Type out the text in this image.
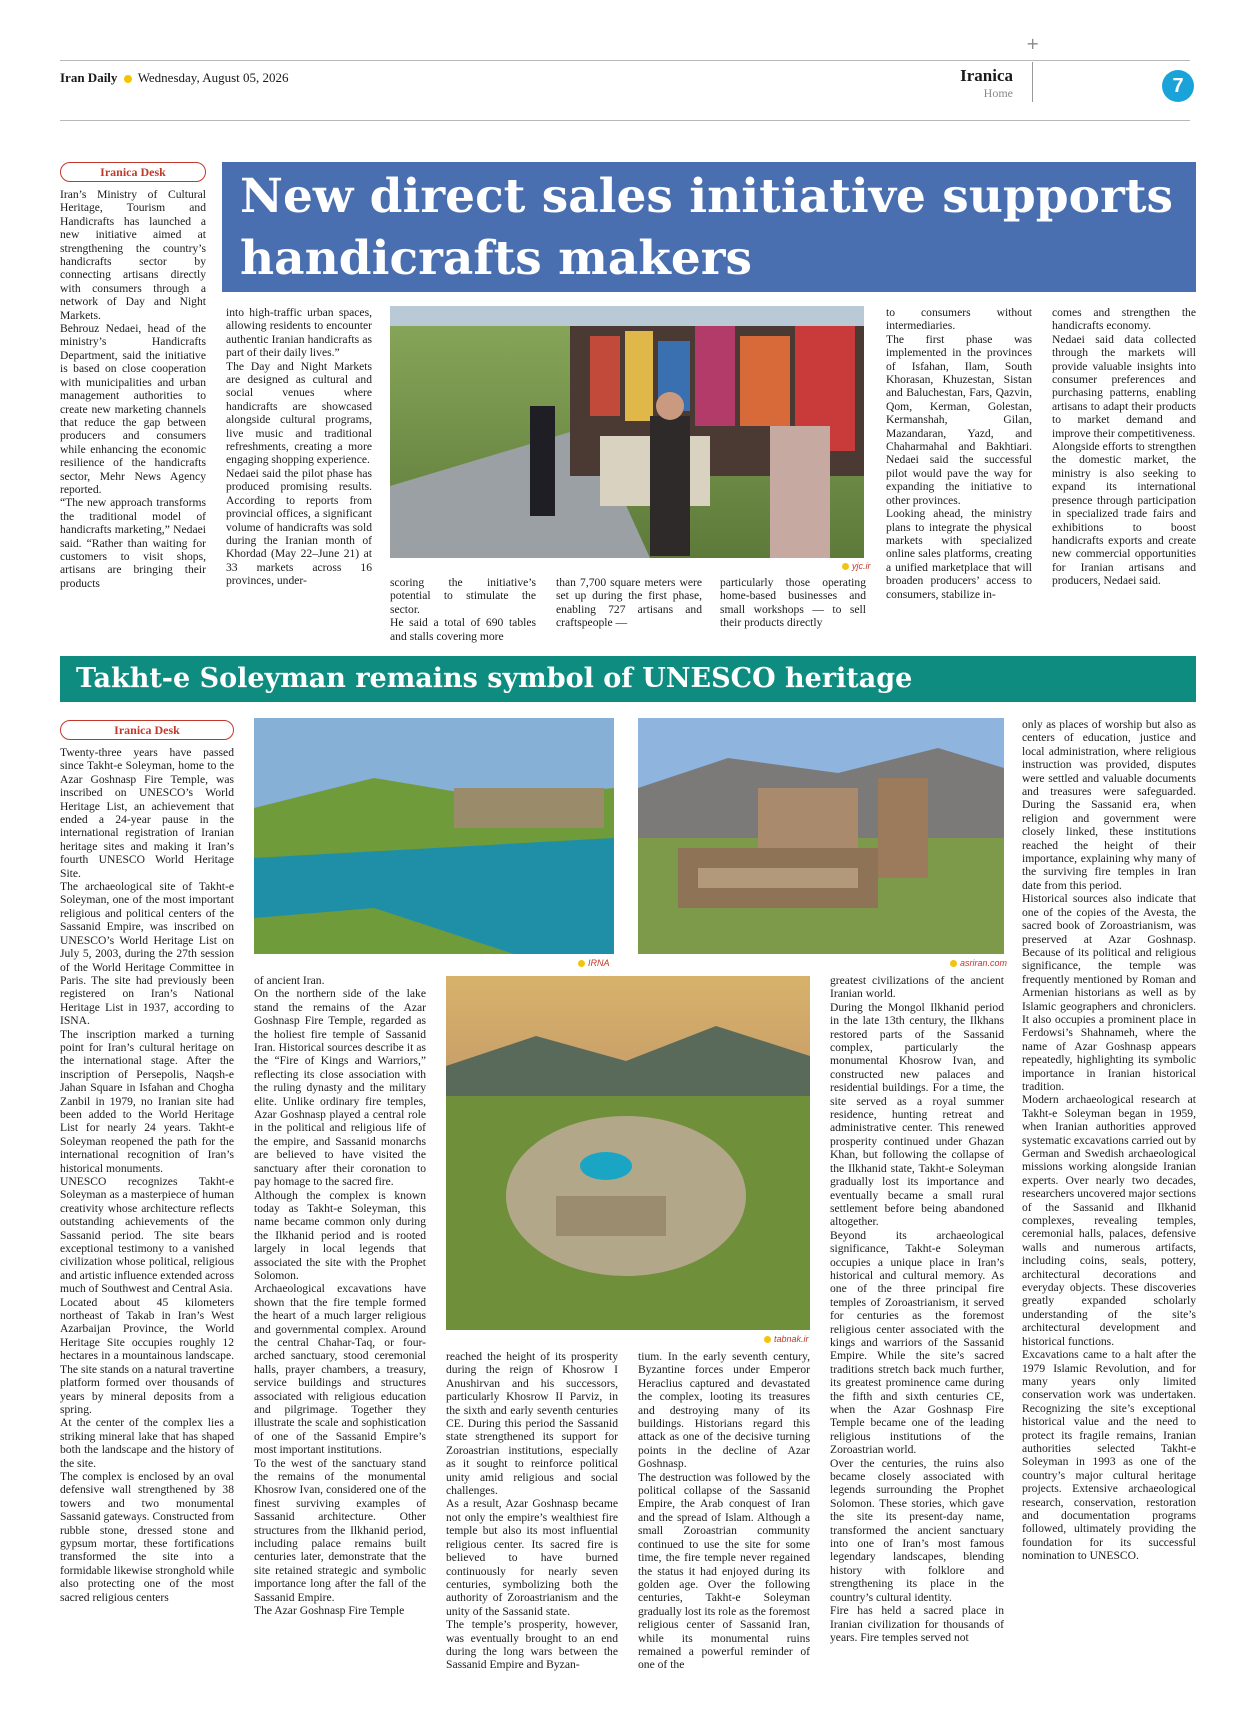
+
Iran Daily Wednesday, August 05, 2026	Iranica
Home	7
Iranica Desk	New direct sales initiative supports handicrafts makers

Iran’s Ministry of Cultural Heritage, Tourism and Handicrafts has launched a new initiative aimed at strengthening the country’s handicrafts sector by connecting artisans directly with consumers through a network of Day and Night Markets.
Behrouz Nedaei, head of the ministry’s Handicrafts Department, said the initiative is based on close cooperation with municipalities and urban management authorities to create new marketing channels that reduce the gap between producers and consumers while enhancing the economic resilience of the handicrafts sector, Mehr News Agency reported.
“The new approach transforms the traditional model of handicrafts marketing,” Nedaei said. “Rather than waiting for customers to visit shops, artisans are bringing their products

into high-traffic urban spaces, allowing residents to encounter authentic Iranian handicrafts as part of their daily lives.”
The Day and Night Markets are designed as cultural and social venues where handicrafts are showcased alongside cultural programs, live music and traditional refreshments, creating a more engaging shopping experience.
Nedaei said the pilot phase has produced promising results. According to reports from provincial offices, a significant volume of handicrafts was sold during the Iranian month of Khordad (May 22–June 21) at 33 markets across 16 provinces, under-

yjc.ir

scoring the initiative’s potential to stimulate the sector.
He said a total of 690 tables and stalls covering more

than 7,700 square meters were set up during the first phase, enabling 727 artisans and craftspeople —

particularly those operating home-based businesses and small workshops — to sell their products directly

to consumers without intermediaries.
The first phase was implemented in the provinces of Isfahan, Ilam, South Khorasan, Khuzestan, Sistan and Baluchestan, Fars, Qazvin, Qom, Kerman, Golestan, Kermanshah, Gilan, Mazandaran, Yazd, and Chaharmahal and Bakhtiari. Nedaei said the successful pilot would pave the way for expanding the initiative to other provinces.
Looking ahead, the ministry plans to integrate the physical markets with specialized online sales platforms, creating a unified marketplace that will broaden producers’ access to consumers, stabilize in-

comes and strengthen the handicrafts economy.
Nedaei said data collected through the markets will provide valuable insights into consumer preferences and purchasing patterns, enabling artisans to adapt their products to market demand and improve their competitiveness.
Alongside efforts to strengthen the domestic market, the ministry is also seeking to expand its international presence through participation in specialized trade fairs and exhibitions to boost handicrafts exports and create new commercial opportunities for Iranian artisans and producers, Nedaei said.

Takht-e Soleyman remains symbol of UNESCO heritage
Iranica Desk

Twenty-three years have passed since Takht-e Soleyman, home to the Azar Goshnasp Fire Temple, was inscribed on UNESCO’s World Heritage List, an achievement that ended a 24-year pause in the international registration of Iranian heritage sites and making it Iran’s fourth UNESCO World Heritage Site.
The archaeological site of Takht-e Soleyman, one of the most important religious and political centers of the Sassanid Empire, was inscribed on UNESCO’s World Heritage List on July 5, 2003, during the 27th session of the World Heritage Committee in Paris. The site had previously been registered on Iran’s National Heritage List in 1937, according to ISNA.
The inscription marked a turning point for Iran’s cultural heritage on the international stage. After the inscription of Persepolis, Naqsh-e Jahan Square in Isfahan and Chogha Zanbil in 1979, no Iranian site had been added to the World Heritage List for nearly 24 years. Takht-e Soleyman reopened the path for the international recognition of Iran’s historical monuments.
UNESCO recognizes Takht-e Soleyman as a masterpiece of human creativity whose architecture reflects outstanding achievements of the Sassanid period. The site bears exceptional testimony to a vanished civilization whose political, religious and artistic influence extended across much of Southwest and Central Asia.
Located about 45 kilometers northeast of Takab in Iran’s West Azarbaijan Province, the World Heritage Site occupies roughly 12 hectares in a mountainous landscape. The site stands on a natural travertine platform formed over thousands of years by mineral deposits from a spring.
At the center of the complex lies a striking mineral lake that has shaped both the landscape and the history of the site.
The complex is enclosed by an oval defensive wall strengthened by 38 towers and two monumental Sassanid gateways. Constructed from rubble stone, dressed stone and gypsum mortar, these fortifications transformed the site into a formidable likewise stronghold while also protecting one of the most sacred religious centers

IRNA	asriran.com

of ancient Iran.
On the northern side of the lake stand the remains of the Azar Goshnasp Fire Temple, regarded as the holiest fire temple of Sassanid Iran. Historical sources describe it as the “Fire of Kings and Warriors,” reflecting its close association with the ruling dynasty and the military elite. Unlike ordinary fire temples, Azar Goshnasp played a central role in the political and religious life of the empire, and Sassanid monarchs are believed to have visited the sanctuary after their coronation to pay homage to the sacred fire.
Although the complex is known today as Takht-e Soleyman, this name became common only during the Ilkhanid period and is rooted largely in local legends that associated the site with the Prophet Solomon.
Archaeological excavations have shown that the fire temple formed the heart of a much larger religious and governmental complex. Around the central Chahar-Taq, or four-arched sanctuary, stood ceremonial halls, prayer chambers, a treasury, service buildings and structures associated with religious education and pilgrimage. Together they illustrate the scale and sophistication of one of the Sassanid Empire’s most important institutions.
To the west of the sanctuary stand the remains of the monumental Khosrow Ivan, considered one of the finest surviving examples of Sassanid architecture. Other structures from the Ilkhanid period, including palace remains built centuries later, demonstrate that the site retained strategic and symbolic importance long after the fall of the Sassanid Empire.
The Azar Goshnasp Fire Temple

tabnak.ir

reached the height of its prosperity during the reign of Khosrow I Anushirvan and his successors, particularly Khosrow II Parviz, in the sixth and early seventh centuries CE. During this period the Sassanid state strengthened its support for Zoroastrian institutions, especially as it sought to reinforce political unity amid religious and social challenges.
As a result, Azar Goshnasp became not only the empire’s wealthiest fire temple but also its most influential religious center. Its sacred fire is believed to have burned continuously for nearly seven centuries, symbolizing both the authority of Zoroastrianism and the unity of the Sassanid state.
The temple’s prosperity, however, was eventually brought to an end during the long wars between the Sassanid Empire and Byzan-

tium. In the early seventh century, Byzantine forces under Emperor Heraclius captured and devastated the complex, looting its treasures and destroying many of its buildings. Historians regard this attack as one of the decisive turning points in the decline of Azar Goshnasp.
The destruction was followed by the political collapse of the Sassanid Empire, the Arab conquest of Iran and the spread of Islam. Although a small Zoroastrian community continued to use the site for some time, the fire temple never regained the status it had enjoyed during its golden age. Over the following centuries, Takht-e Soleyman gradually lost its role as the foremost religious center of Sassanid Iran, while its monumental ruins remained a powerful reminder of one of the

greatest civilizations of the ancient Iranian world.
During the Mongol Ilkhanid period in the late 13th century, the Ilkhans restored parts of the Sassanid complex, particularly the monumental Khosrow Ivan, and constructed new palaces and residential buildings. For a time, the site served as a royal summer residence, hunting retreat and administrative center. This renewed prosperity continued under Ghazan Khan, but following the collapse of the Ilkhanid state, Takht-e Soleyman gradually lost its importance and eventually became a small rural settlement before being abandoned altogether.
Beyond its archaeological significance, Takht-e Soleyman occupies a unique place in Iran’s historical and cultural memory. As one of the three principal fire temples of Zoroastrianism, it served for centuries as the foremost religious center associated with the kings and warriors of the Sassanid Empire. While the site’s sacred traditions stretch back much further, its greatest prominence came during the fifth and sixth centuries CE, when the Azar Goshnasp Fire Temple became one of the leading religious institutions of the Zoroastrian world.
Over the centuries, the ruins also became closely associated with legends surrounding the Prophet Solomon. These stories, which gave the site its present-day name, transformed the ancient sanctuary into one of Iran’s most famous legendary landscapes, blending history with folklore and strengthening its place in the country’s cultural identity.
Fire has held a sacred place in Iranian civilization for thousands of years. Fire temples served not

only as places of worship but also as centers of education, justice and local administration, where religious instruction was provided, disputes were settled and valuable documents and treasures were safeguarded. During the Sassanid era, when religion and government were closely linked, these institutions reached the height of their importance, explaining why many of the surviving fire temples in Iran date from this period.
Historical sources also indicate that one of the copies of the Avesta, the sacred book of Zoroastrianism, was preserved at Azar Goshnasp. Because of its political and religious significance, the temple was frequently mentioned by Roman and Armenian historians as well as by Islamic geographers and chroniclers. It also occupies a prominent place in Ferdowsi’s Shahnameh, where the name of Azar Goshnasp appears repeatedly, highlighting its symbolic importance in Iranian historical tradition.
Modern archaeological research at Takht-e Soleyman began in 1959, when Iranian authorities approved systematic excavations carried out by German and Swedish archaeological missions working alongside Iranian experts. Over nearly two decades, researchers uncovered major sections of the Sassanid and Ilkhanid complexes, revealing temples, ceremonial halls, palaces, defensive walls and numerous artifacts, including coins, seals, pottery, architectural decorations and everyday objects. These discoveries greatly expanded scholarly understanding of the site’s architectural development and historical functions.
Excavations came to a halt after the 1979 Islamic Revolution, and for many years only limited conservation work was undertaken. Recognizing the site’s exceptional historical value and the need to protect its fragile remains, Iranian authorities selected Takht-e Soleyman in 1993 as one of the country’s major cultural heritage projects. Extensive archaeological research, conservation, restoration and documentation programs followed, ultimately providing the foundation for its successful nomination to UNESCO.
